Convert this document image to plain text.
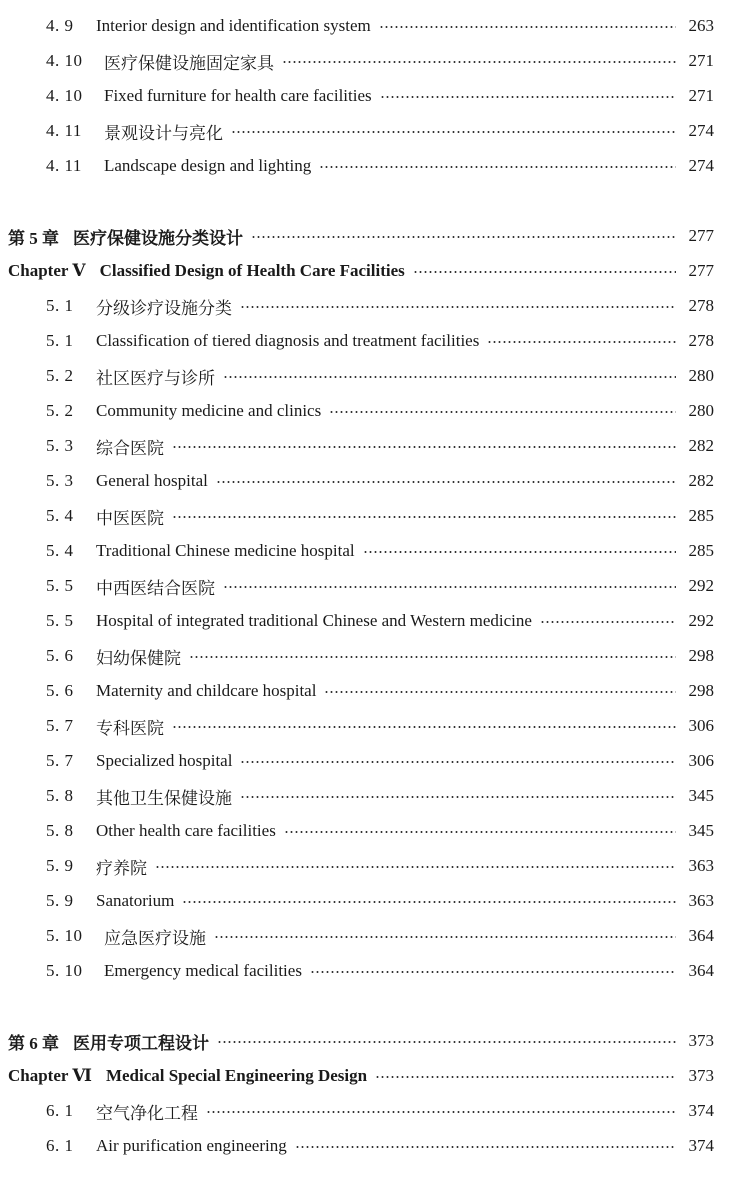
4. 9	Interior design and identification system	263
4. 10	医疗保健设施固定家具	271
4. 10	Fixed furniture for health care facilities	271
4. 11	景观设计与亮化	274
4. 11	Landscape design and lighting	274
第 5 章 医疗保健设施分类设计	277
Chapter Ⅴ Classified Design of Health Care Facilities	277
5. 1	分级诊疗设施分类	278
5. 1	Classification of tiered diagnosis and treatment facilities	278
5. 2	社区医疗与诊所	280
5. 2	Community medicine and clinics	280
5. 3	综合医院	282
5. 3	General hospital	282
5. 4	中医医院	285
5. 4	Traditional Chinese medicine hospital	285
5. 5	中西医结合医院	292
5. 5	Hospital of integrated traditional Chinese and Western medicine	292
5. 6	妇幼保健院	298
5. 6	Maternity and childcare hospital	298
5. 7	专科医院	306
5. 7	Specialized hospital	306
5. 8	其他卫生保健设施	345
5. 8	Other health care facilities	345
5. 9	疗养院	363
5. 9	Sanatorium	363
5. 10	应急医疗设施	364
5. 10	Emergency medical facilities	364
第 6 章 医用专项工程设计	373
Chapter Ⅵ Medical Special Engineering Design	373
6. 1	空气净化工程	374
6. 1	Air purification engineering	374
